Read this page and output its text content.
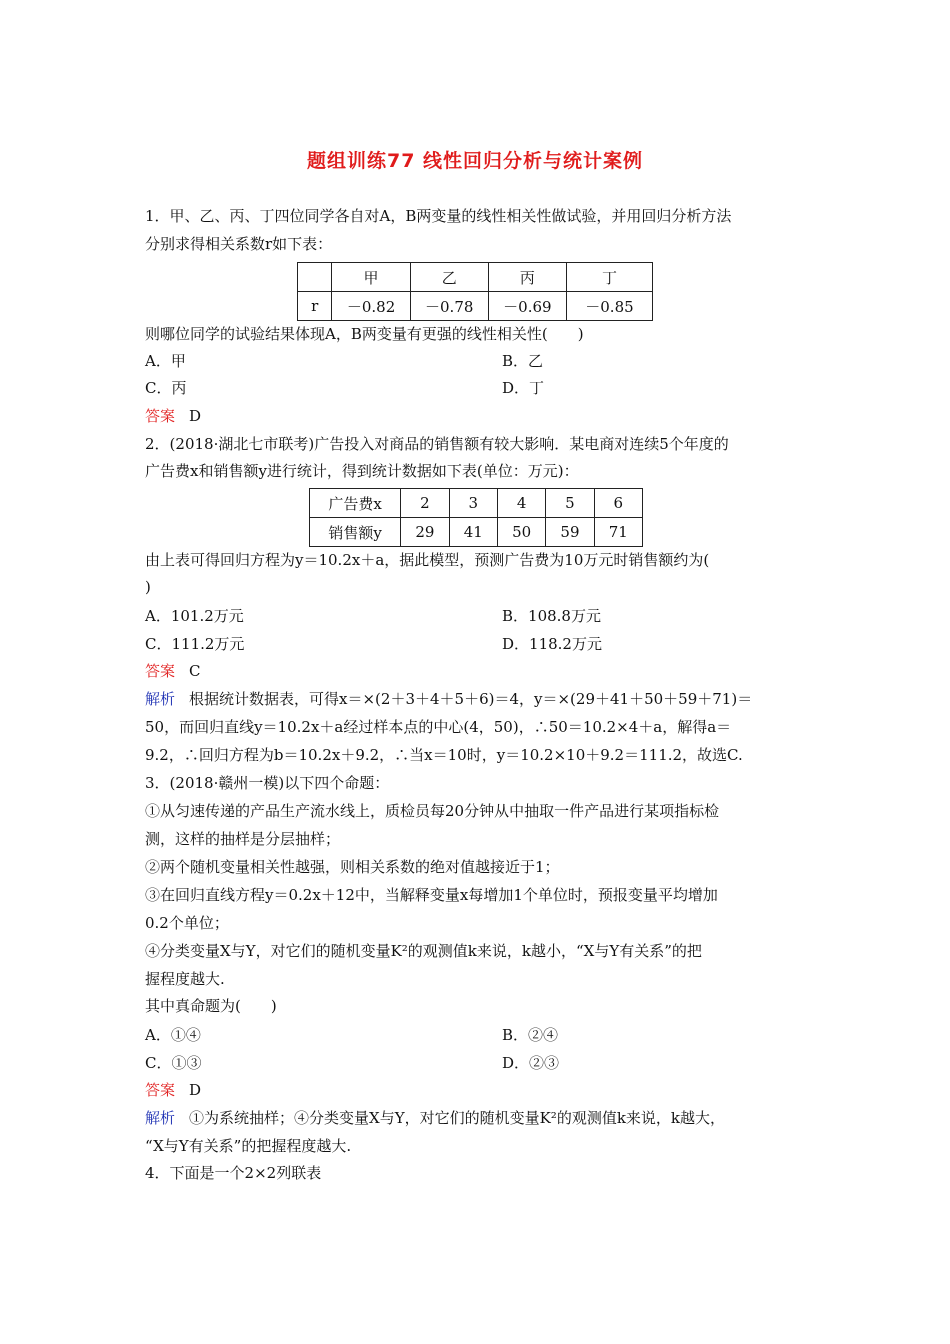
题组训练77 线性回归分析与统计案例
1．甲、乙、丙、丁四位同学各自对A，B两变量的线性相关性做试验，并用回归分析方法
分别求得相关系数r如下表：
	甲	乙	丙	丁
r	－0.82	－0.78	－0.69	－0.85
则哪位同学的试验结果体现A，B两变量有更强的线性相关性(　　)
A．甲	B．乙
C．丙	D．丁
答案 D
2．(2018·湖北七市联考)广告投入对商品的销售额有较大影响．某电商对连续5个年度的
广告费x和销售额y进行统计，得到统计数据如下表(单位：万元)：
广告费x	2	3	4	5	6
销售额y	29	41	50	59	71
由上表可得回归方程为y＝10.2x＋a，据此模型，预测广告费为10万元时销售额约为(
)
A．101.2万元	B．108.8万元
C．111.2万元	D．118.2万元
答案 C
解析 根据统计数据表，可得x＝×(2＋3＋4＋5＋6)＝4，y＝×(29＋41＋50＋59＋71)＝
50，而回归直线y＝10.2x＋a经过样本点的中心(4，50)，∴50＝10.2×4＋a，解得a＝
9.2，∴回归方程为b＝10.2x＋9.2，∴当x＝10时，y＝10.2×10＋9.2＝111.2，故选C.
3．(2018·赣州一模)以下四个命题：
①从匀速传递的产品生产流水线上，质检员每20分钟从中抽取一件产品进行某项指标检
测，这样的抽样是分层抽样；
②两个随机变量相关性越强，则相关系数的绝对值越接近于1；
③在回归直线方程y＝0.2x＋12中，当解释变量x每增加1个单位时，预报变量平均增加
0.2个单位；
④分类变量X与Y，对它们的随机变量K²的观测值k来说，k越小，“X与Y有关系”的把
握程度越大.
其中真命题为(　　)
A．①④	B．②④
C．①③	D．②③
答案 D
解析 ①为系统抽样；④分类变量X与Y，对它们的随机变量K²的观测值k来说，k越大，
“X与Y有关系”的把握程度越大.
4．下面是一个2×2列联表
